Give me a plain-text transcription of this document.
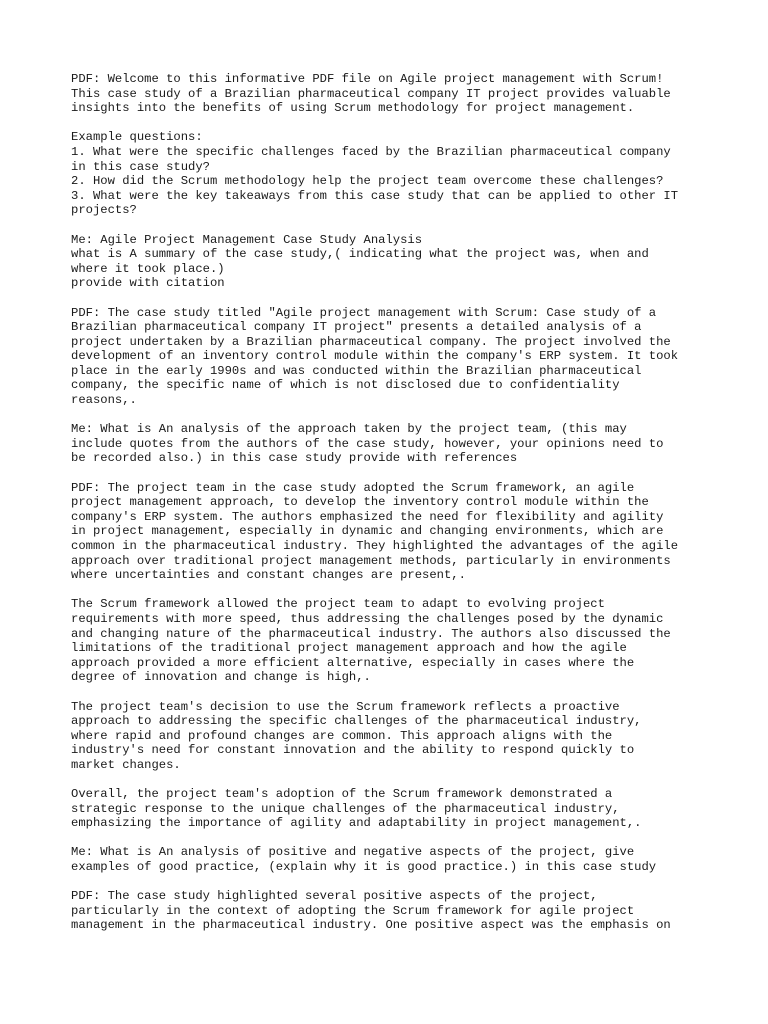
PDF: Welcome to this informative PDF file on Agile project management with Scrum!
This case study of a Brazilian pharmaceutical company IT project provides valuable
insights into the benefits of using Scrum methodology for project management.
Example questions:
1. What were the specific challenges faced by the Brazilian pharmaceutical company
in this case study?
2. How did the Scrum methodology help the project team overcome these challenges?
3. What were the key takeaways from this case study that can be applied to other IT
projects?
Me: Agile Project Management Case Study Analysis
what is A summary of the case study,( indicating what the project was, when and
where it took place.)
provide with citation
PDF: The case study titled "Agile project management with Scrum: Case study of a
Brazilian pharmaceutical company IT project" presents a detailed analysis of a
project undertaken by a Brazilian pharmaceutical company. The project involved the
development of an inventory control module within the company's ERP system. It took
place in the early 1990s and was conducted within the Brazilian pharmaceutical
company, the specific name of which is not disclosed due to confidentiality
reasons,.
Me: What is An analysis of the approach taken by the project team, (this may
include quotes from the authors of the case study, however, your opinions need to
be recorded also.) in this case study provide with references
PDF: The project team in the case study adopted the Scrum framework, an agile
project management approach, to develop the inventory control module within the
company's ERP system. The authors emphasized the need for flexibility and agility
in project management, especially in dynamic and changing environments, which are
common in the pharmaceutical industry. They highlighted the advantages of the agile
approach over traditional project management methods, particularly in environments
where uncertainties and constant changes are present,.
The Scrum framework allowed the project team to adapt to evolving project
requirements with more speed, thus addressing the challenges posed by the dynamic
and changing nature of the pharmaceutical industry. The authors also discussed the
limitations of the traditional project management approach and how the agile
approach provided a more efficient alternative, especially in cases where the
degree of innovation and change is high,.
The project team's decision to use the Scrum framework reflects a proactive
approach to addressing the specific challenges of the pharmaceutical industry,
where rapid and profound changes are common. This approach aligns with the
industry's need for constant innovation and the ability to respond quickly to
market changes.
Overall, the project team's adoption of the Scrum framework demonstrated a
strategic response to the unique challenges of the pharmaceutical industry,
emphasizing the importance of agility and adaptability in project management,.
Me: What is An analysis of positive and negative aspects of the project, give
examples of good practice, (explain why it is good practice.) in this case study
PDF: The case study highlighted several positive aspects of the project,
particularly in the context of adopting the Scrum framework for agile project
management in the pharmaceutical industry. One positive aspect was the emphasis on
